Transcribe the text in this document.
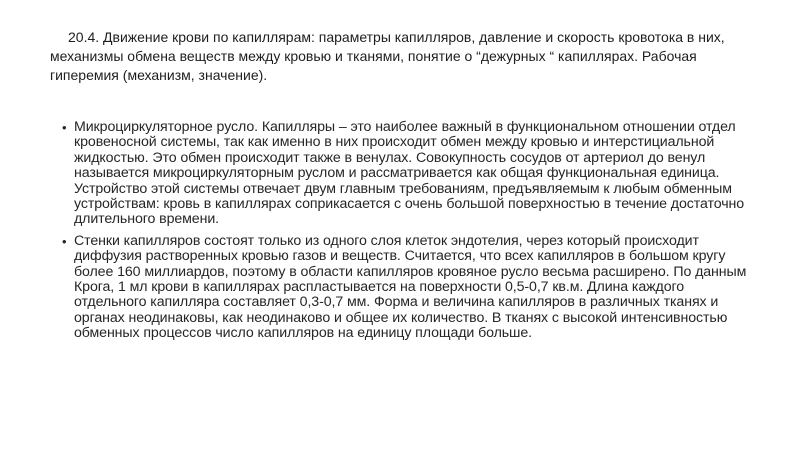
20.4. Движение крови по капиллярам: параметры капилляров, давление и скорость кровотока в них, механизмы обмена веществ между кровью и тканями, понятие о “дежурных “ капиллярах. Рабочая гиперемия (механизм, значение).
• Микроциркуляторное русло. Капилляры – это наиболее важный в функциональном отношении отдел кровеносной системы, так как именно в них происходит обмен между кровью и интерстициальной жидкостью. Это обмен происходит также в венулах. Совокупность сосудов от артериол до венул называется микроциркуляторным руслом и рассматривается как общая функциональная единица. Устройство этой системы отвечает двум главным требованиям, предъявляемым к любым обменным устройствам: кровь в капиллярах соприкасается с очень большой поверхностью в течение достаточно длительного времени.
• Стенки капилляров состоят только из одного слоя клеток эндотелия, через который происходит диффузия растворенных кровью газов и веществ. Считается, что всех капилляров в большом кругу более 160 миллиардов, поэтому в области капилляров кровяное русло весьма расширено. По данным Крога, 1 мл крови в капиллярах распластывается на поверхности 0,5-0,7 кв.м. Длина каждого отдельного капилляра составляет 0,3-0,7 мм. Форма и величина капилляров в различных тканях и органах неодинаковы, как неодинаково и общее их количество. В тканях с высокой интенсивностью обменных процессов число капилляров на единицу площади больше.
